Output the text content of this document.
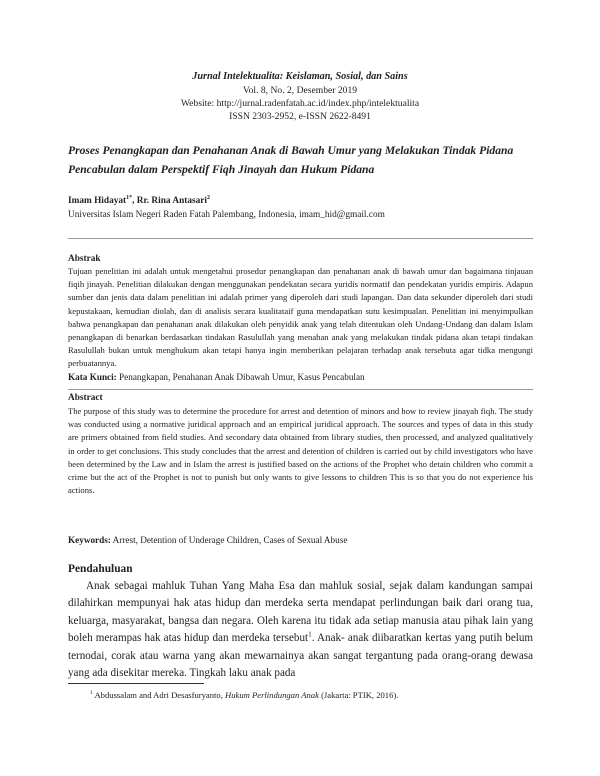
Jurnal Intelektualita: Keislaman, Sosial, dan Sains
Vol. 8, No. 2, Desember 2019
Website: http://jurnal.radenfatah.ac.id/index.php/intelektualita
ISSN 2303-2952, e-ISSN 2622-8491
Proses Penangkapan dan Penahanan Anak di Bawah Umur yang Melakukan Tindak Pidana Pencabulan dalam Perspektif Fiqh Jinayah dan Hukum Pidana
Imam Hidayat$^{1*}$, Rr. Rina Antasari$^2$
Universitas Islam Negeri Raden Fatah Palembang, Indonesia, imam_hid@gmail.com
Abstrak
Tujuan penelitian ini adalah untuk mengetahui prosedur penangkapan dan penahanan anak di bawah umur dan bagaimana tinjauan fiqih jinayah. Penelitian dilakukan dengan menggunakan pendekatan secara yuridis normatif dan pendekatan yuridis empiris. Adapun sumber dan jenis data dalam penelitian ini adalah primer yang diperoleh dari studi lapangan. Dan data sekunder diperoleh dari studi kepustakaan, kemudian diolah, dan di analisis secara kualitataif guna mendapatkan sutu kesimpualan. Penelitian ini menyimpulkan bahwa penangkapan dan penahanan anak dilakukan oleh penyidik anak yang telah ditentukan oleh Undang-Undang dan dalam Islam penangkapan di benarkan berdasarkan tindakan Rasulullah yang menahan anak yang melakukan tindak pidana akan tetapi tindakan Rasulullah bukan untuk menghukum akan tetapi hanya ingin memberikan pelajaran terhadap anak tersebuta agar tidka mengungi perbuatannya.
Kata Kunci: Penangkapan, Penahanan Anak Dibawah Umur, Kasus Pencabulan
Abstract
The purpose of this study was to determine the procedure for arrest and detention of minors and how to review jinayah fiqh. The study was conducted using a normative juridical approach and an empirical juridical approach. The sources and types of data in this study are primers obtained from field studies. And secondary data obtained from library studies, then processed, and analyzed qualitatively in order to get conclusions. This study concludes that the arrest and detention of children is carried out by child investigators who have been determined by the Law and in Islam the arrest is justified based on the actions of the Prophet who detain children who commit a crime but the act of the Prophet is not to punish but only wants to give lessons to children This is so that you do not experience his actions.
Keywords: Arrest, Detention of Underage Children, Cases of Sexual Abuse
Pendahuluan
Anak sebagai mahluk Tuhan Yang Maha Esa dan mahluk sosial, sejak dalam kandungan sampai dilahirkan mempunyai hak atas hidup dan merdeka serta mendapat perlindungan baik dari orang tua, keluarga, masyarakat, bangsa dan negara. Oleh karena itu tidak ada setiap manusia atau pihak lain yang boleh merampas hak atas hidup dan merdeka tersebut$^1$. Anak- anak diibaratkan kertas yang putih belum ternodai, corak atau warna yang akan mewarnainya akan sangat tergantung pada orang-orang dewasa yang ada disekitar mereka. Tingkah laku anak pada
$^1$ Abdussalam and Adri Desasfuryanto, Hukum Perlindungan Anak (Jakarta: PTIK, 2016).
